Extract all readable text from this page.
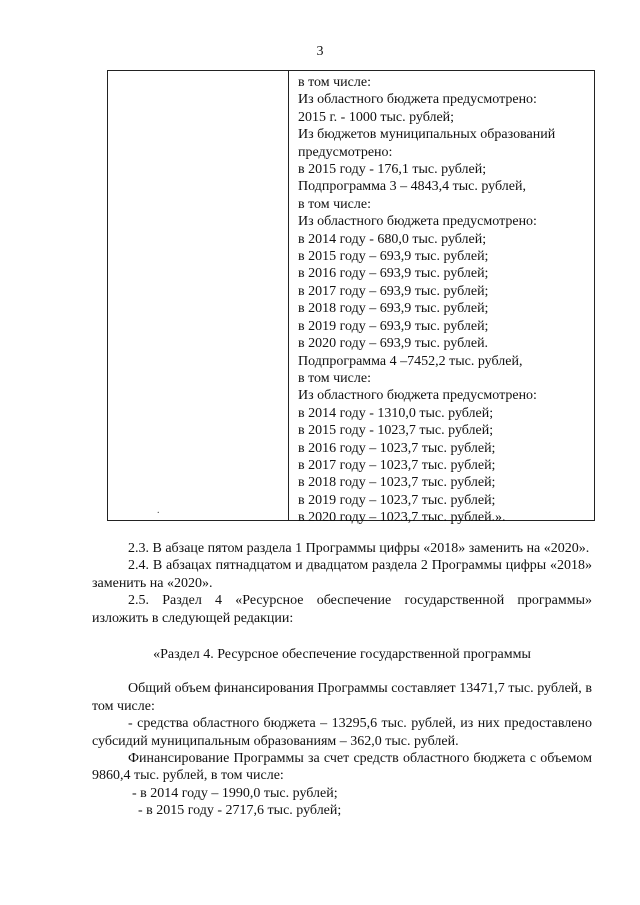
3
в том числе:
Из областного бюджета предусмотрено:
2015 г. - 1000 тыс. рублей;
Из бюджетов муниципальных образований
предусмотрено:
в 2015 году - 176,1 тыс. рублей;
Подпрограмма 3 – 4843,4 тыс. рублей,
в том числе:
Из областного бюджета предусмотрено:
в 2014 году - 680,0 тыс. рублей;
в 2015 году – 693,9 тыс. рублей;
в 2016 году – 693,9 тыс. рублей;
в 2017 году – 693,9 тыс. рублей;
в 2018 году – 693,9 тыс. рублей;
в 2019 году – 693,9 тыс. рублей;
в 2020 году – 693,9 тыс. рублей.
Подпрограмма 4 –7452,2 тыс. рублей,
в том числе:
Из областного бюджета предусмотрено:
в 2014 году - 1310,0 тыс. рублей;
в 2015 году - 1023,7 тыс. рублей;
в 2016 году – 1023,7 тыс. рублей;
в 2017 году – 1023,7 тыс. рублей;
в 2018 году – 1023,7 тыс. рублей;
в 2019 году – 1023,7 тыс. рублей;
в 2020 году – 1023,7 тыс. рублей.».
.

2.3. В абзаце пятом раздела 1 Программы цифры «2018» заменить на «2020».

2.4. В абзацах пятнадцатом и двадцатом раздела 2 Программы цифры «2018» заменить на «2020».

2.5. Раздел 4 «Ресурсное обеспечение государственной программы» изложить в следующей редакции:

«Раздел 4. Ресурсное обеспечение государственной программы

Общий объем финансирования Программы составляет 13471,7 тыс. рублей, в том числе:

- средства областного бюджета – 13295,6 тыс. рублей, из них предоставлено субсидий муниципальным образованиям – 362,0 тыс. рублей.

Финансирование Программы за счет средств областного бюджета с объемом 9860,4 тыс. рублей, в том числе:

- в 2014 году – 1990,0 тыс. рублей;

- в 2015 году - 2717,6 тыс. рублей;
